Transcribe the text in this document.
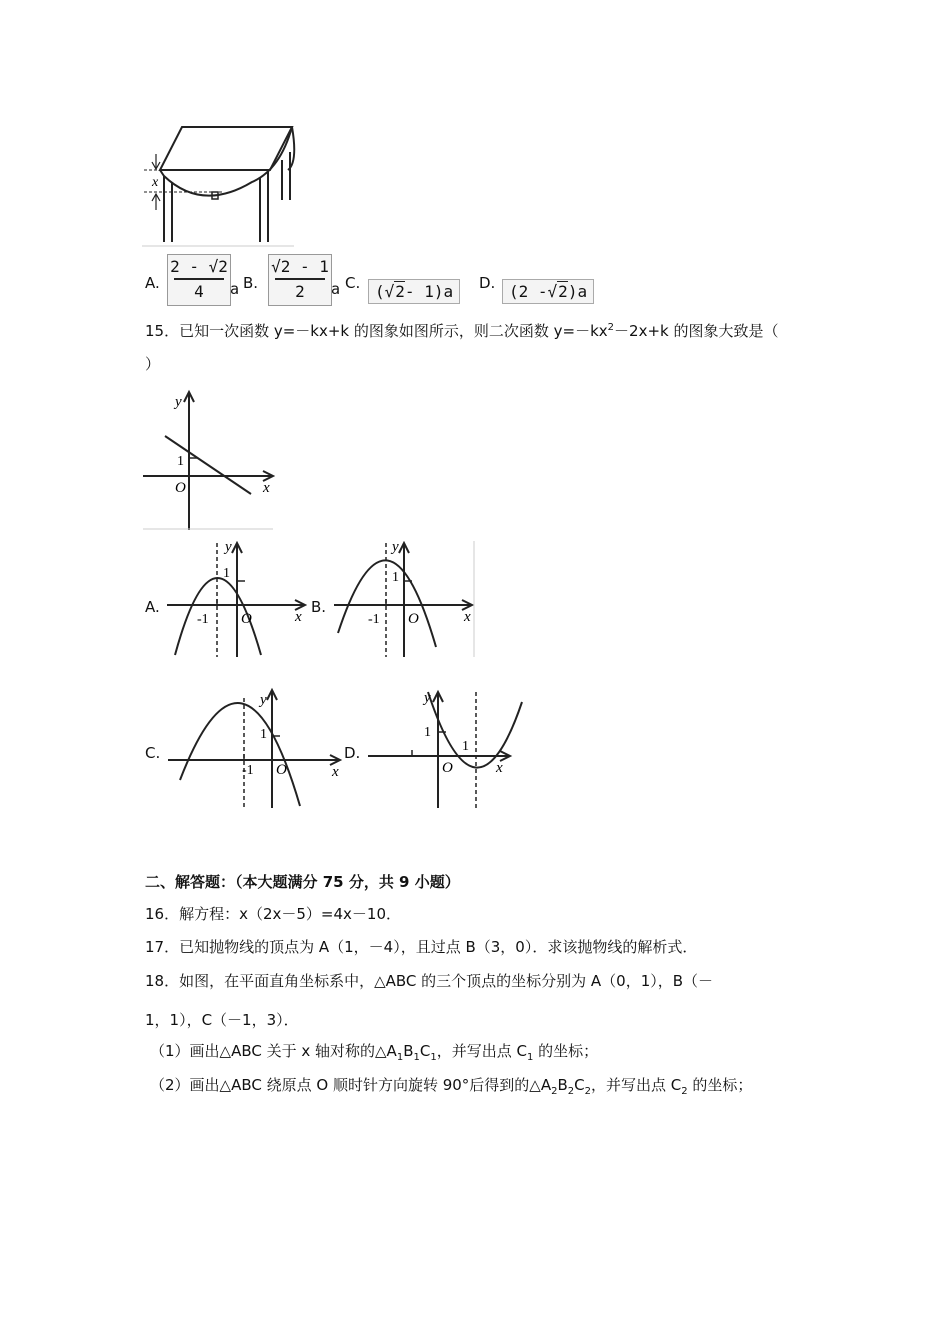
x
A.
2 - √2
4	a B.
√2 - 1
2	a C. (√2- 1)a	D. (2 -√2)a
15．已知一次函数 y=－kx+k 的图象如图所示，则二次函数 $y=-kx^2-2x+k$ 的图象大致是（
）
y
x
O
1
A.
y
x
O
1
-1
B.
y
x
O
1
-1
C.
y
x
O
1
-1
D.
y
x
O
1
1
二、解答题：（本大题满分 75 分，共 9 小题）
16．解方程：x（2x－5）=4x－10．
17．已知抛物线的顶点为 A（1，－4），且过点 B（3，0）．求该抛物线的解析式．
18．如图，在平面直角坐标系中，△ABC 的三个顶点的坐标分别为 A（0，1），B（－
1，1），C（－1，3）．
（1）画出△ABC 关于 x 轴对称的$\triangle A_1B_1C_1$，并写出点 $C_1$ 的坐标；
（2）画出△ABC 绕原点 O 顺时针方向旋转 90°后得到的$\triangle A_2B_2C_2$，并写出点 $C_2$ 的坐标；
